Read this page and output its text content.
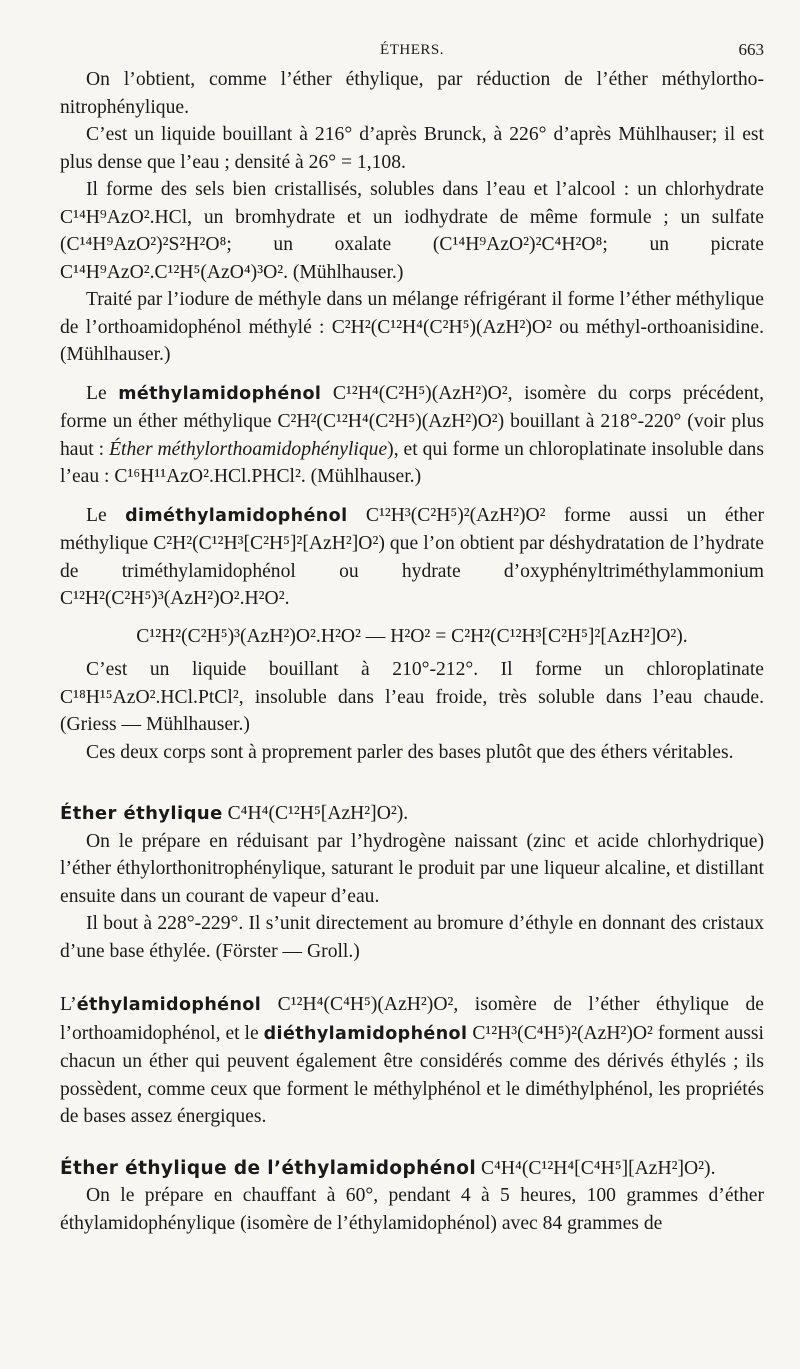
ÉTHERS.	663

On l’obtient, comme l’éther éthylique, par réduction de l’éther méthylortho-nitrophénylique.

C’est un liquide bouillant à 216° d’après Brunck, à 226° d’après Mühlhauser; il est plus dense que l’eau ; densité à 26° = 1,108.

Il forme des sels bien cristallisés, solubles dans l’eau et l’alcool : un chlorhydrate C¹⁴H⁹AzO².HCl, un bromhydrate et un iodhydrate de même formule ; un sulfate (C¹⁴H⁹AzO²)²S²H²O⁸; un oxalate (C¹⁴H⁹AzO²)²C⁴H²O⁸; un picrate C¹⁴H⁹AzO².C¹²H⁵(AzO⁴)³O². (Mühlhauser.)

Traité par l’iodure de méthyle dans un mélange réfrigérant il forme l’éther méthylique de l’orthoamidophénol méthylé : C²H²(C¹²H⁴(C²H⁵)(AzH²)O² ou méthyl-orthoanisidine. (Mühlhauser.)

Le méthylamidophénol C¹²H⁴(C²H⁵)(AzH²)O², isomère du corps précédent, forme un éther méthylique C²H²(C¹²H⁴(C²H⁵)(AzH²)O²) bouillant à 218°-220° (voir plus haut : Éther méthylorthoamidophénylique), et qui forme un chloroplatinate insoluble dans l’eau : C¹⁶H¹¹AzO².HCl.PHCl². (Mühlhauser.)

Le diméthylamidophénol C¹²H³(C²H⁵)²(AzH²)O² forme aussi un éther méthylique C²H²(C¹²H³[C²H⁵]²[AzH²]O²) que l’on obtient par déshydratation de l’hydrate de triméthylamidophénol ou hydrate d’oxyphényltriméthylammonium C¹²H²(C²H⁵)³(AzH²)O².H²O².

C¹²H²(C²H⁵)³(AzH²)O².H²O² — H²O² = C²H²(C¹²H³[C²H⁵]²[AzH²]O²).

C’est un liquide bouillant à 210°-212°. Il forme un chloroplatinate C¹⁸H¹⁵AzO².HCl.PtCl², insoluble dans l’eau froide, très soluble dans l’eau chaude. (Griess — Mühlhauser.)

Ces deux corps sont à proprement parler des bases plutôt que des éthers véritables.

Éther éthylique C⁴H⁴(C¹²H⁵[AzH²]O²).

On le prépare en réduisant par l’hydrogène naissant (zinc et acide chlorhydrique) l’éther éthylorthonitrophénylique, saturant le produit par une liqueur alcaline, et distillant ensuite dans un courant de vapeur d’eau.

Il bout à 228°-229°. Il s’unit directement au bromure d’éthyle en donnant des cristaux d’une base éthylée. (Förster — Groll.)

L’éthylamidophénol C¹²H⁴(C⁴H⁵)(AzH²)O², isomère de l’éther éthylique de l’orthoamidophénol, et le diéthylamidophénol C¹²H³(C⁴H⁵)²(AzH²)O² forment aussi chacun un éther qui peuvent également être considérés comme des dérivés éthylés ; ils possèdent, comme ceux que forment le méthylphénol et le diméthylphénol, les propriétés de bases assez énergiques.

Éther éthylique de l’éthylamidophénol C⁴H⁴(C¹²H⁴[C⁴H⁵][AzH²]O²).

On le prépare en chauffant à 60°, pendant 4 à 5 heures, 100 grammes d’éther éthylamidophénylique (isomère de l’éthylamidophénol) avec 84 grammes de
